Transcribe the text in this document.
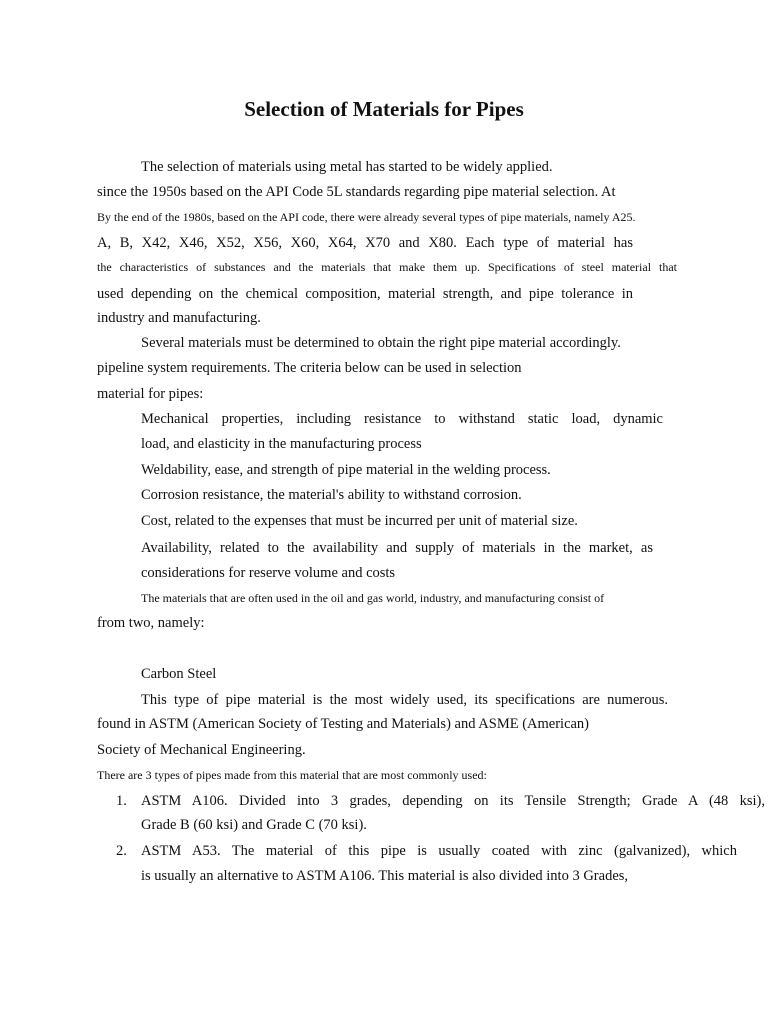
Selection of Materials for Pipes
The selection of materials using metal has started to be widely applied.
since the 1950s based on the API Code 5L standards regarding pipe material selection. At
By the end of the 1980s, based on the API code, there were already several types of pipe materials, namely A25.
A, B, X42, X46, X52, X56, X60, X64, X70 and X80. Each type of material has
the characteristics of substances and the materials that make them up. Specifications of steel material that
used depending on the chemical composition, material strength, and pipe tolerance in
industry and manufacturing.
Several materials must be determined to obtain the right pipe material accordingly.
pipeline system requirements. The criteria below can be used in selection
material for pipes:
Mechanical properties, including resistance to withstand static load, dynamic
load, and elasticity in the manufacturing process
Weldability, ease, and strength of pipe material in the welding process.
Corrosion resistance, the material's ability to withstand corrosion.
Cost, related to the expenses that must be incurred per unit of material size.
Availability, related to the availability and supply of materials in the market, as
considerations for reserve volume and costs
The materials that are often used in the oil and gas world, industry, and manufacturing consist of
from two, namely:
Carbon Steel
This type of pipe material is the most widely used, its specifications are numerous.
found in ASTM (American Society of Testing and Materials) and ASME (American)
Society of Mechanical Engineering.
There are 3 types of pipes made from this material that are most commonly used:
1. ASTM A106. Divided into 3 grades, depending on its Tensile Strength; Grade A (48 ksi),
Grade B (60 ksi) and Grade C (70 ksi).
2. ASTM A53. The material of this pipe is usually coated with zinc (galvanized), which
is usually an alternative to ASTM A106. This material is also divided into 3 Grades,
